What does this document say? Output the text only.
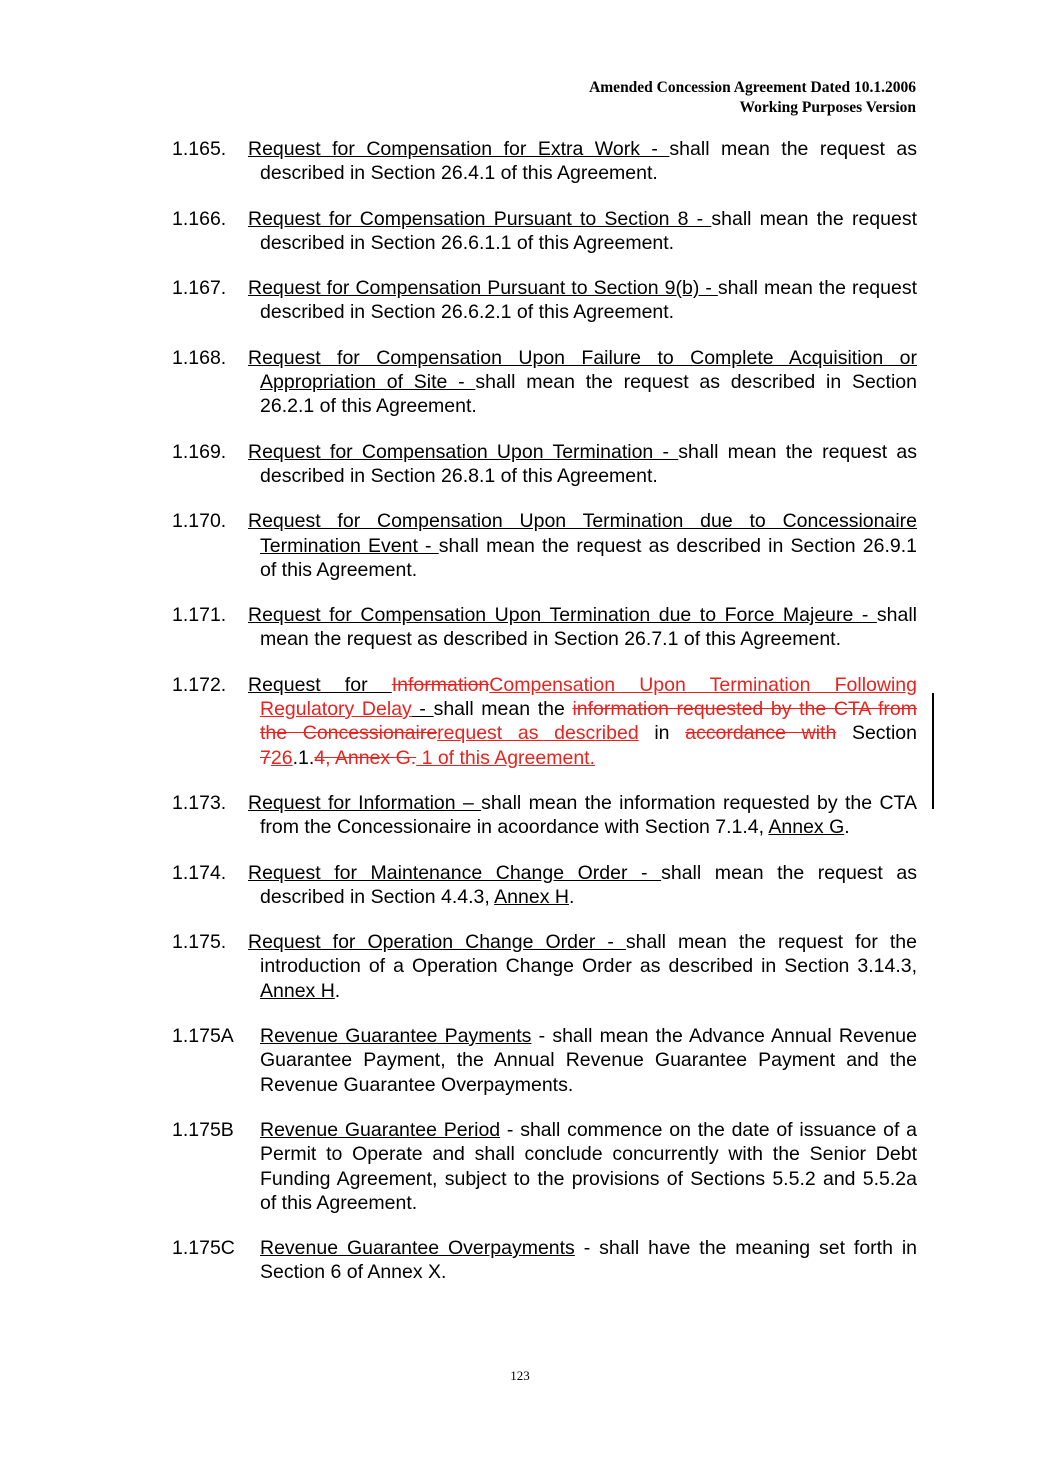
Amended Concession Agreement Dated 10.1.2006
Working Purposes Version
1.165. Request for Compensation for Extra Work - shall mean the request as described in Section 26.4.1 of this Agreement.
1.166. Request for Compensation Pursuant to Section 8 - shall mean the request described in Section 26.6.1.1 of this Agreement.
1.167. Request for Compensation Pursuant to Section 9(b) - shall mean the request described in Section 26.6.2.1 of this Agreement.
1.168. Request for Compensation Upon Failure to Complete Acquisition or Appropriation of Site - shall mean the request as described in Section 26.2.1 of this Agreement.
1.169. Request for Compensation Upon Termination - shall mean the request as described in Section 26.8.1 of this Agreement.
1.170. Request for Compensation Upon Termination due to Concessionaire Termination Event - shall mean the request as described in Section 26.9.1 of this Agreement.
1.171. Request for Compensation Upon Termination due to Force Majeure - shall mean the request as described in Section 26.7.1 of this Agreement.
1.172. Request for InformationCompensation Upon Termination Following Regulatory Delay - shall mean the information requested by the CTA from the Concessionairerequest as described in accordance with Section 726.1.4, Annex G. 1 of this Agreement.
1.173. Request for Information – shall mean the information requested by the CTA from the Concessionaire in acoordance with Section 7.1.4, Annex G.
1.174. Request for Maintenance Change Order - shall mean the request as described in Section 4.4.3, Annex H.
1.175. Request for Operation Change Order - shall mean the request for the introduction of a Operation Change Order as described in Section 3.14.3, Annex H.
1.175A Revenue Guarantee Payments - shall mean the Advance Annual Revenue Guarantee Payment, the Annual Revenue Guarantee Payment and the Revenue Guarantee Overpayments.
1.175B Revenue Guarantee Period - shall commence on the date of issuance of a Permit to Operate and shall conclude concurrently with the Senior Debt Funding Agreement, subject to the provisions of Sections 5.5.2 and 5.5.2a of this Agreement.
1.175C Revenue Guarantee Overpayments - shall have the meaning set forth in Section 6 of Annex X.
123
